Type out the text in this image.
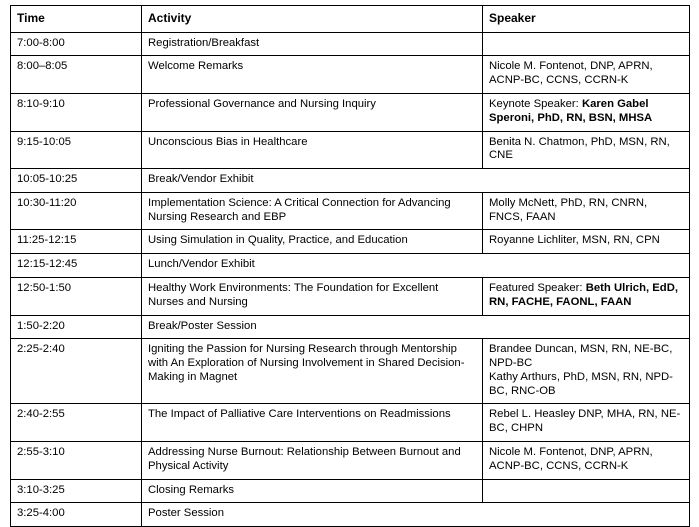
Time	Activity	Speaker
7:00-8:00	Registration/Breakfast	
8:00–8:05	Welcome Remarks	Nicole M. Fontenot, DNP, APRN, ACNP-BC, CCNS, CCRN-K
8:10-9:10	Professional Governance and Nursing Inquiry	Keynote Speaker: Karen Gabel Speroni, PhD, RN, BSN, MHSA
9:15-10:05	Unconscious Bias in Healthcare	Benita N. Chatmon, PhD, MSN, RN, CNE
10:05-10:25	Break/Vendor Exhibit	
10:30-11:20	Implementation Science: A Critical Connection for Advancing Nursing Research and EBP	Molly McNett, PhD, RN, CNRN, FNCS, FAAN
11:25-12:15	Using Simulation in Quality, Practice, and Education	Royanne Lichliter, MSN, RN, CPN
12:15-12:45	Lunch/Vendor Exhibit	
12:50-1:50	Healthy Work Environments: The Foundation for Excellent Nurses and Nursing	Featured Speaker: Beth Ulrich, EdD, RN, FACHE, FAONL, FAAN
1:50-2:20	Break/Poster Session	
2:25-2:40	Igniting the Passion for Nursing Research through Mentorship with An Exploration of Nursing Involvement in Shared Decision-Making in Magnet	Brandee Duncan, MSN, RN, NE-BC, NPD-BC
Kathy Arthurs, PhD, MSN, RN, NPD-BC, RNC-OB

2:40-2:55	The Impact of Palliative Care Interventions on Readmissions	Rebel L. Heasley DNP, MHA, RN, NE-BC, CHPN
2:55-3:10	Addressing Nurse Burnout: Relationship Between Burnout and Physical Activity	Nicole M. Fontenot, DNP, APRN, ACNP-BC, CCNS, CCRN-K
3:10-3:25	Closing Remarks	
3:25-4:00	Poster Session	
